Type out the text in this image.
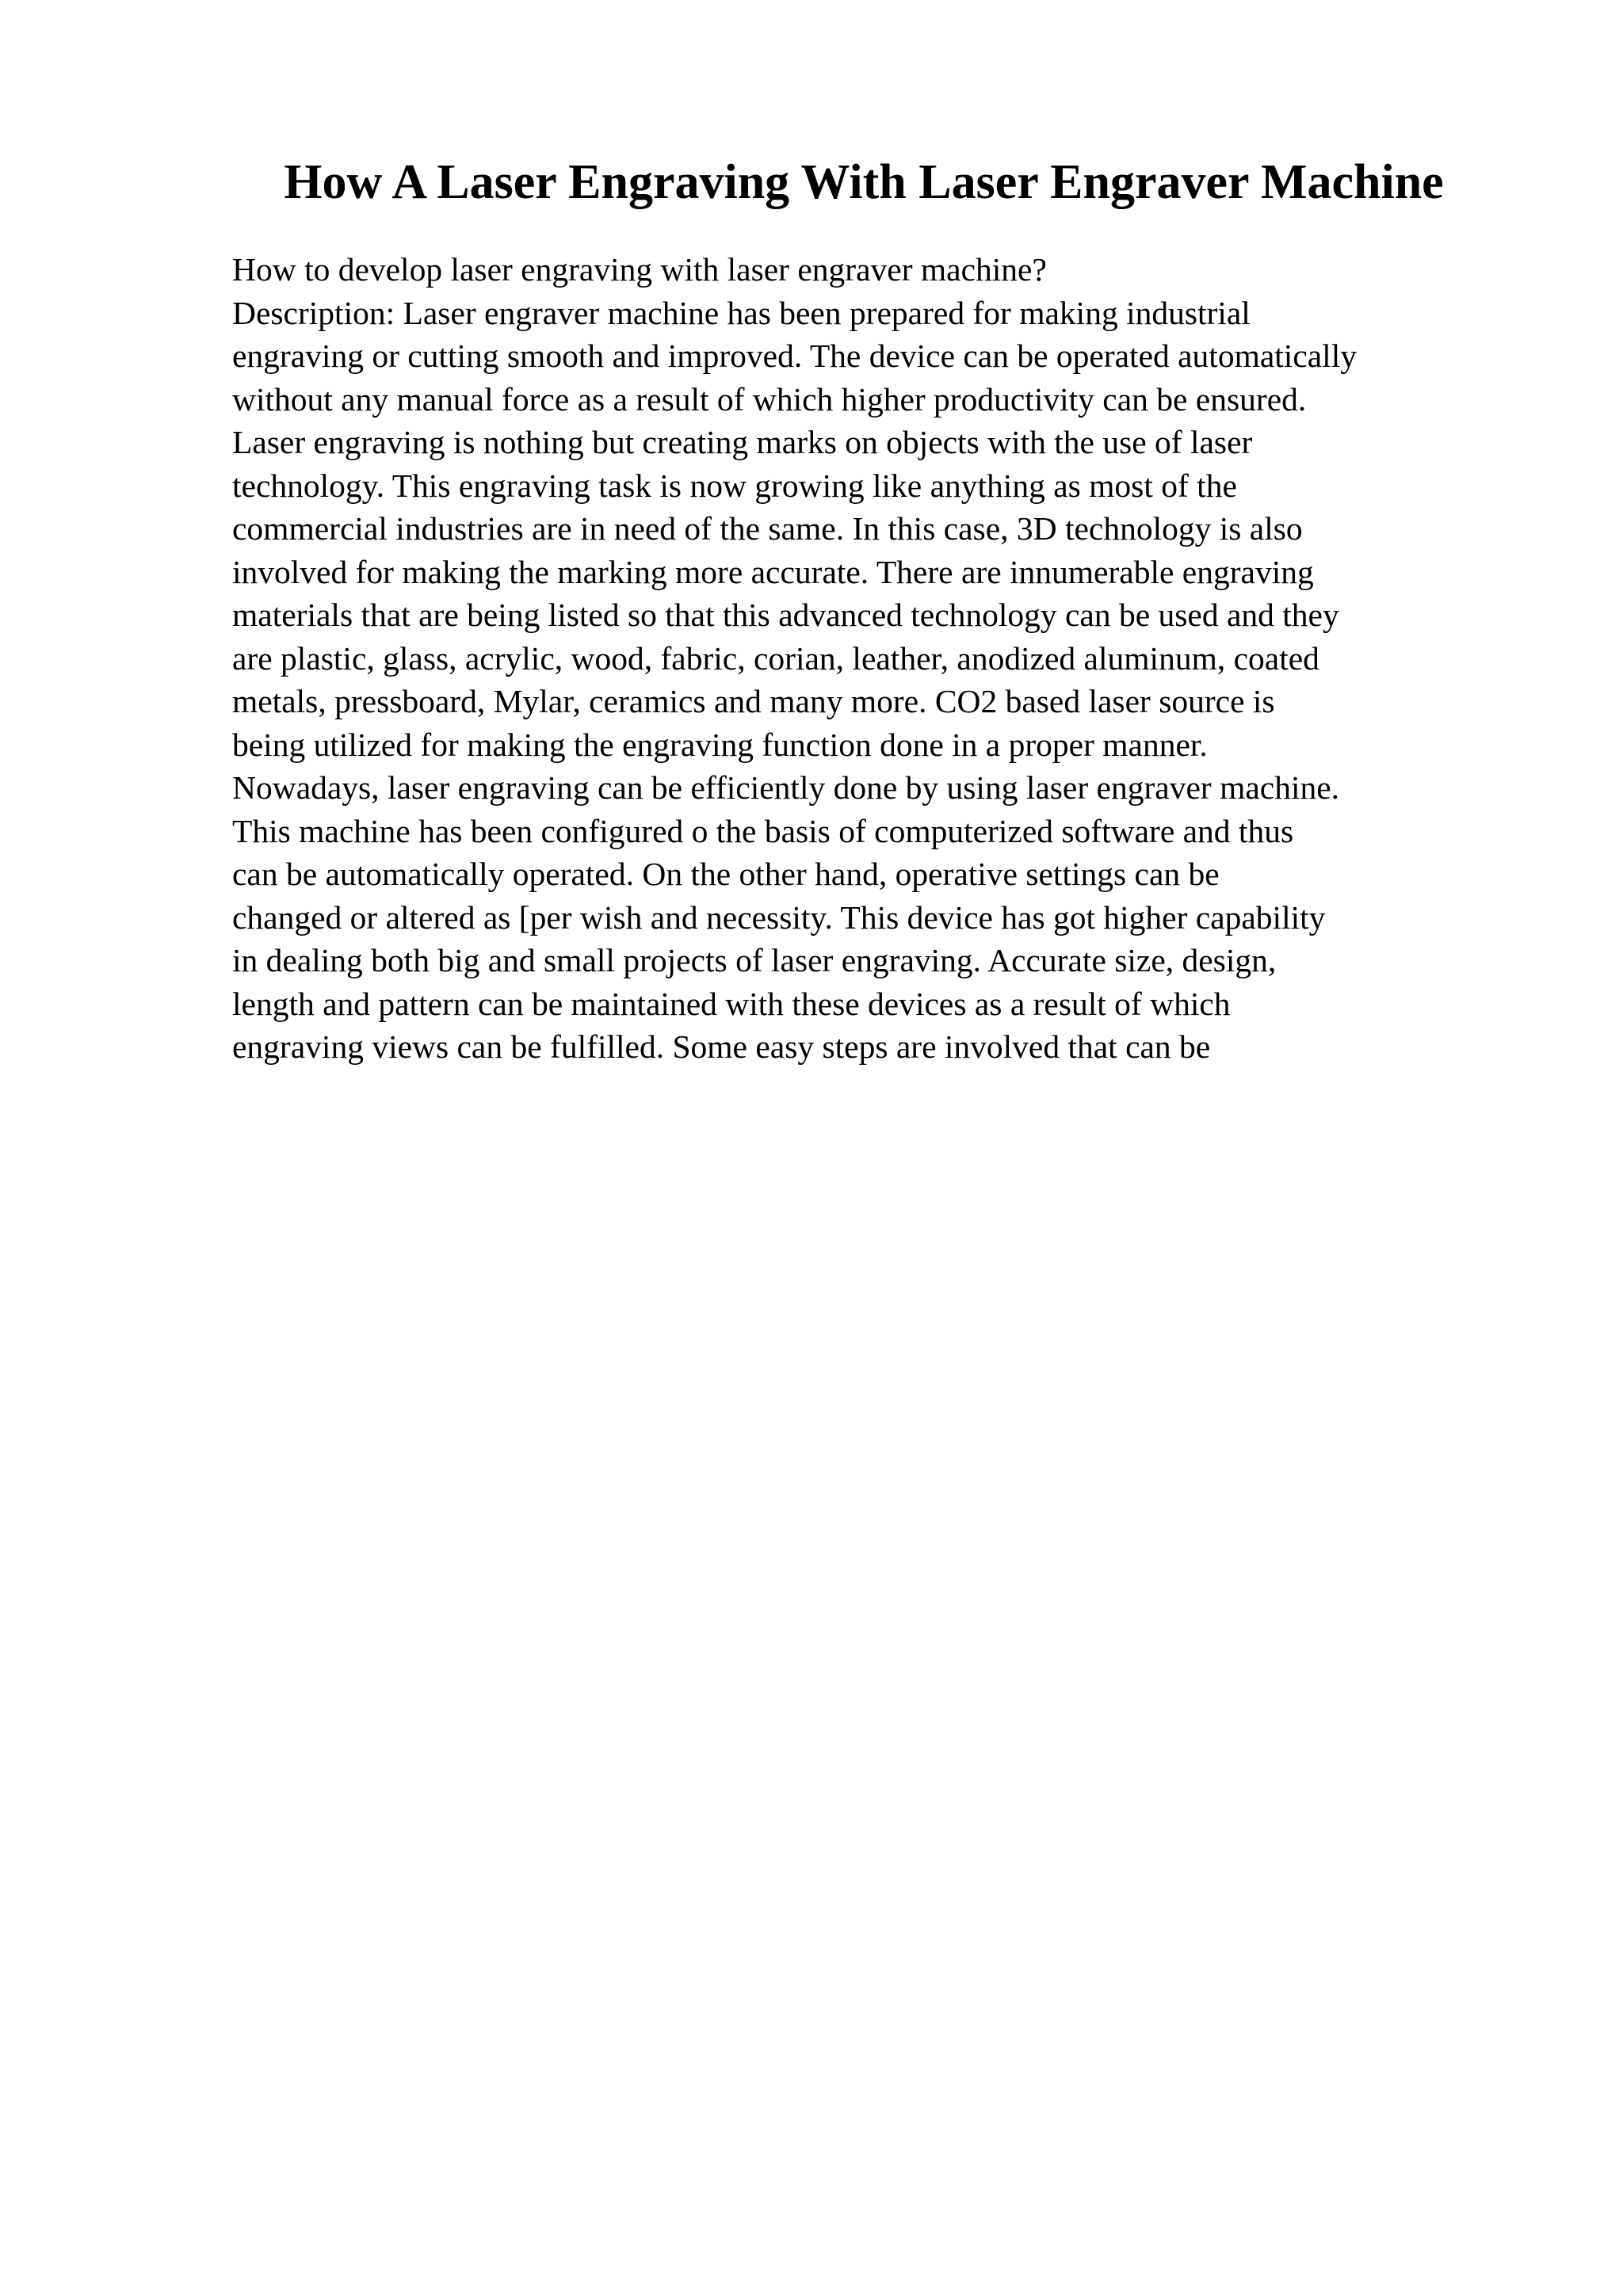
How A Laser Engraving With Laser Engraver Machine
How to develop laser engraving with laser engraver machine?
Description: Laser engraver machine has been prepared for making industrial
engraving or cutting smooth and improved. The device can be operated automatically
without any manual force as a result of which higher productivity can be ensured.
Laser engraving is nothing but creating marks on objects with the use of laser
technology. This engraving task is now growing like anything as most of the
commercial industries are in need of the same. In this case, 3D technology is also
involved for making the marking more accurate. There are innumerable engraving
materials that are being listed so that this advanced technology can be used and they
are plastic, glass, acrylic, wood, fabric, corian, leather, anodized aluminum, coated
metals, pressboard, Mylar, ceramics and many more. CO2 based laser source is
being utilized for making the engraving function done in a proper manner.
Nowadays, laser engraving can be efficiently done by using laser engraver machine.
This machine has been configured o the basis of computerized software and thus
can be automatically operated. On the other hand, operative settings can be
changed or altered as [per wish and necessity. This device has got higher capability
in dealing both big and small projects of laser engraving. Accurate size, design,
length and pattern can be maintained with these devices as a result of which
engraving views can be fulfilled. Some easy steps are involved that can be
